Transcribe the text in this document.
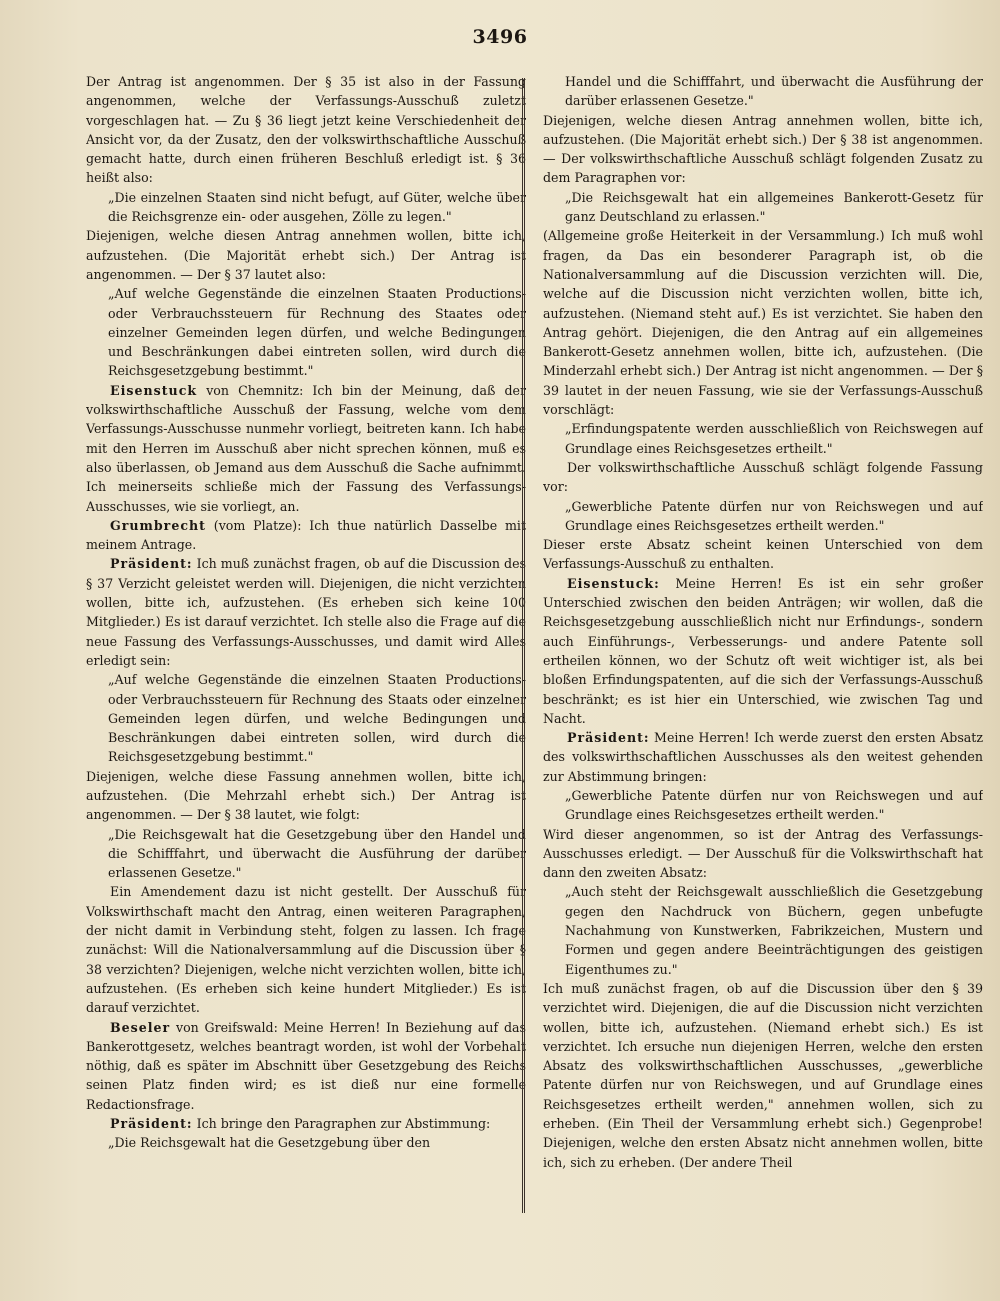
3496

Der Antrag ist angenommen. Der § 35 ist also in der Fassung angenommen, welche der Verfassungs-Ausschuß zuletzt vorgeschlagen hat. — Zu § 36 liegt jetzt keine Verschiedenheit der Ansicht vor, da der Zusatz, den der volkswirthschaftliche Ausschuß gemacht hatte, durch einen früheren Beschluß erledigt ist. § 36 heißt also:

„Die einzelnen Staaten sind nicht befugt, auf Güter, welche über die Reichsgrenze ein- oder ausgehen, Zölle zu legen."

Diejenigen, welche diesen Antrag annehmen wollen, bitte ich, aufzustehen. (Die Majorität erhebt sich.) Der Antrag ist angenommen. — Der § 37 lautet also:

„Auf welche Gegenstände die einzelnen Staaten Productions- oder Verbrauchssteuern für Rechnung des Staates oder einzelner Gemeinden legen dürfen, und welche Bedingungen und Beschränkungen dabei eintreten sollen, wird durch die Reichsgesetzgebung bestimmt."

Eisenstuck von Chemnitz: Ich bin der Meinung, daß der volkswirthschaftliche Ausschuß der Fassung, welche vom dem Verfassungs-Ausschusse nunmehr vorliegt, beitreten kann. Ich habe mit den Herren im Ausschuß aber nicht sprechen können, muß es also überlassen, ob Jemand aus dem Ausschuß die Sache aufnimmt. Ich meinerseits schließe mich der Fassung des Verfassungs-Ausschusses, wie sie vorliegt, an.

Grumbrecht (vom Platze): Ich thue natürlich Dasselbe mit meinem Antrage.

Präsident: Ich muß zunächst fragen, ob auf die Discussion des § 37 Verzicht geleistet werden will. Diejenigen, die nicht verzichten wollen, bitte ich, aufzustehen. (Es erheben sich keine 100 Mitglieder.) Es ist darauf verzichtet. Ich stelle also die Frage auf die neue Fassung des Verfassungs-Ausschusses, und damit wird Alles erledigt sein:

„Auf welche Gegenstände die einzelnen Staaten Productions- oder Verbrauchssteuern für Rechnung des Staats oder einzelner Gemeinden legen dürfen, und welche Bedingungen und Beschränkungen dabei eintreten sollen, wird durch die Reichsgesetzgebung bestimmt."

Diejenigen, welche diese Fassung annehmen wollen, bitte ich, aufzustehen. (Die Mehrzahl erhebt sich.) Der Antrag ist angenommen. — Der § 38 lautet, wie folgt:

„Die Reichsgewalt hat die Gesetzgebung über den Handel und die Schifffahrt, und überwacht die Ausführung der darüber erlassenen Gesetze."

Ein Amendement dazu ist nicht gestellt. Der Ausschuß für Volkswirthschaft macht den Antrag, einen weiteren Paragraphen, der nicht damit in Verbindung steht, folgen zu lassen. Ich frage zunächst: Will die Nationalversammlung auf die Discussion über § 38 verzichten? Diejenigen, welche nicht verzichten wollen, bitte ich, aufzustehen. (Es erheben sich keine hundert Mitglieder.) Es ist darauf verzichtet.

Beseler von Greifswald: Meine Herren! In Beziehung auf das Bankerottgesetz, welches beantragt worden, ist wohl der Vorbehalt nöthig, daß es später im Abschnitt über Gesetzgebung des Reichs seinen Platz finden wird; es ist dieß nur eine formelle Redactionsfrage.

Präsident: Ich bringe den Paragraphen zur Abstimmung:

„Die Reichsgewalt hat die Gesetzgebung über den

Handel und die Schifffahrt, und überwacht die Ausführung der darüber erlassenen Gesetze."

Diejenigen, welche diesen Antrag annehmen wollen, bitte ich, aufzustehen. (Die Majorität erhebt sich.) Der § 38 ist angenommen. — Der volkswirthschaftliche Ausschuß schlägt folgenden Zusatz zu dem Paragraphen vor:

„Die Reichsgewalt hat ein allgemeines Bankerott-Gesetz für ganz Deutschland zu erlassen."

(Allgemeine große Heiterkeit in der Versammlung.) Ich muß wohl fragen, da Das ein besonderer Paragraph ist, ob die Nationalversammlung auf die Discussion verzichten will. Die, welche auf die Discussion nicht verzichten wollen, bitte ich, aufzustehen. (Niemand steht auf.) Es ist verzichtet. Sie haben den Antrag gehört. Diejenigen, die den Antrag auf ein allgemeines Bankerott-Gesetz annehmen wollen, bitte ich, aufzustehen. (Die Minderzahl erhebt sich.) Der Antrag ist nicht angenommen. — Der § 39 lautet in der neuen Fassung, wie sie der Verfassungs-Ausschuß vorschlägt:

„Erfindungspatente werden ausschließlich von Reichswegen auf Grundlage eines Reichsgesetzes ertheilt."

Der volkswirthschaftliche Ausschuß schlägt folgende Fassung vor:

„Gewerbliche Patente dürfen nur von Reichswegen und auf Grundlage eines Reichsgesetzes ertheilt werden."

Dieser erste Absatz scheint keinen Unterschied von dem Verfassungs-Ausschuß zu enthalten.

Eisenstuck: Meine Herren! Es ist ein sehr großer Unterschied zwischen den beiden Anträgen; wir wollen, daß die Reichsgesetzgebung ausschließlich nicht nur Erfindungs-, sondern auch Einführungs-, Verbesserungs- und andere Patente soll ertheilen können, wo der Schutz oft weit wichtiger ist, als bei bloßen Erfindungspatenten, auf die sich der Verfassungs-Ausschuß beschränkt; es ist hier ein Unterschied, wie zwischen Tag und Nacht.

Präsident: Meine Herren! Ich werde zuerst den ersten Absatz des volkswirthschaftlichen Ausschusses als den weitest gehenden zur Abstimmung bringen:

„Gewerbliche Patente dürfen nur von Reichswegen und auf Grundlage eines Reichsgesetzes ertheilt werden."

Wird dieser angenommen, so ist der Antrag des Verfassungs-Ausschusses erledigt. — Der Ausschuß für die Volkswirthschaft hat dann den zweiten Absatz:

„Auch steht der Reichsgewalt ausschließlich die Gesetzgebung gegen den Nachdruck von Büchern, gegen unbefugte Nachahmung von Kunstwerken, Fabrikzeichen, Mustern und Formen und gegen andere Beeinträchtigungen des geistigen Eigenthumes zu."

Ich muß zunächst fragen, ob auf die Discussion über den § 39 verzichtet wird. Diejenigen, die auf die Discussion nicht verzichten wollen, bitte ich, aufzustehen. (Niemand erhebt sich.) Es ist verzichtet. Ich ersuche nun diejenigen Herren, welche den ersten Absatz des volkswirthschaftlichen Ausschusses, „gewerbliche Patente dürfen nur von Reichswegen, und auf Grundlage eines Reichsgesetzes ertheilt werden," annehmen wollen, sich zu erheben. (Ein Theil der Versammlung erhebt sich.) Gegenprobe! Diejenigen, welche den ersten Absatz nicht annehmen wollen, bitte ich, sich zu erheben. (Der andere Theil
